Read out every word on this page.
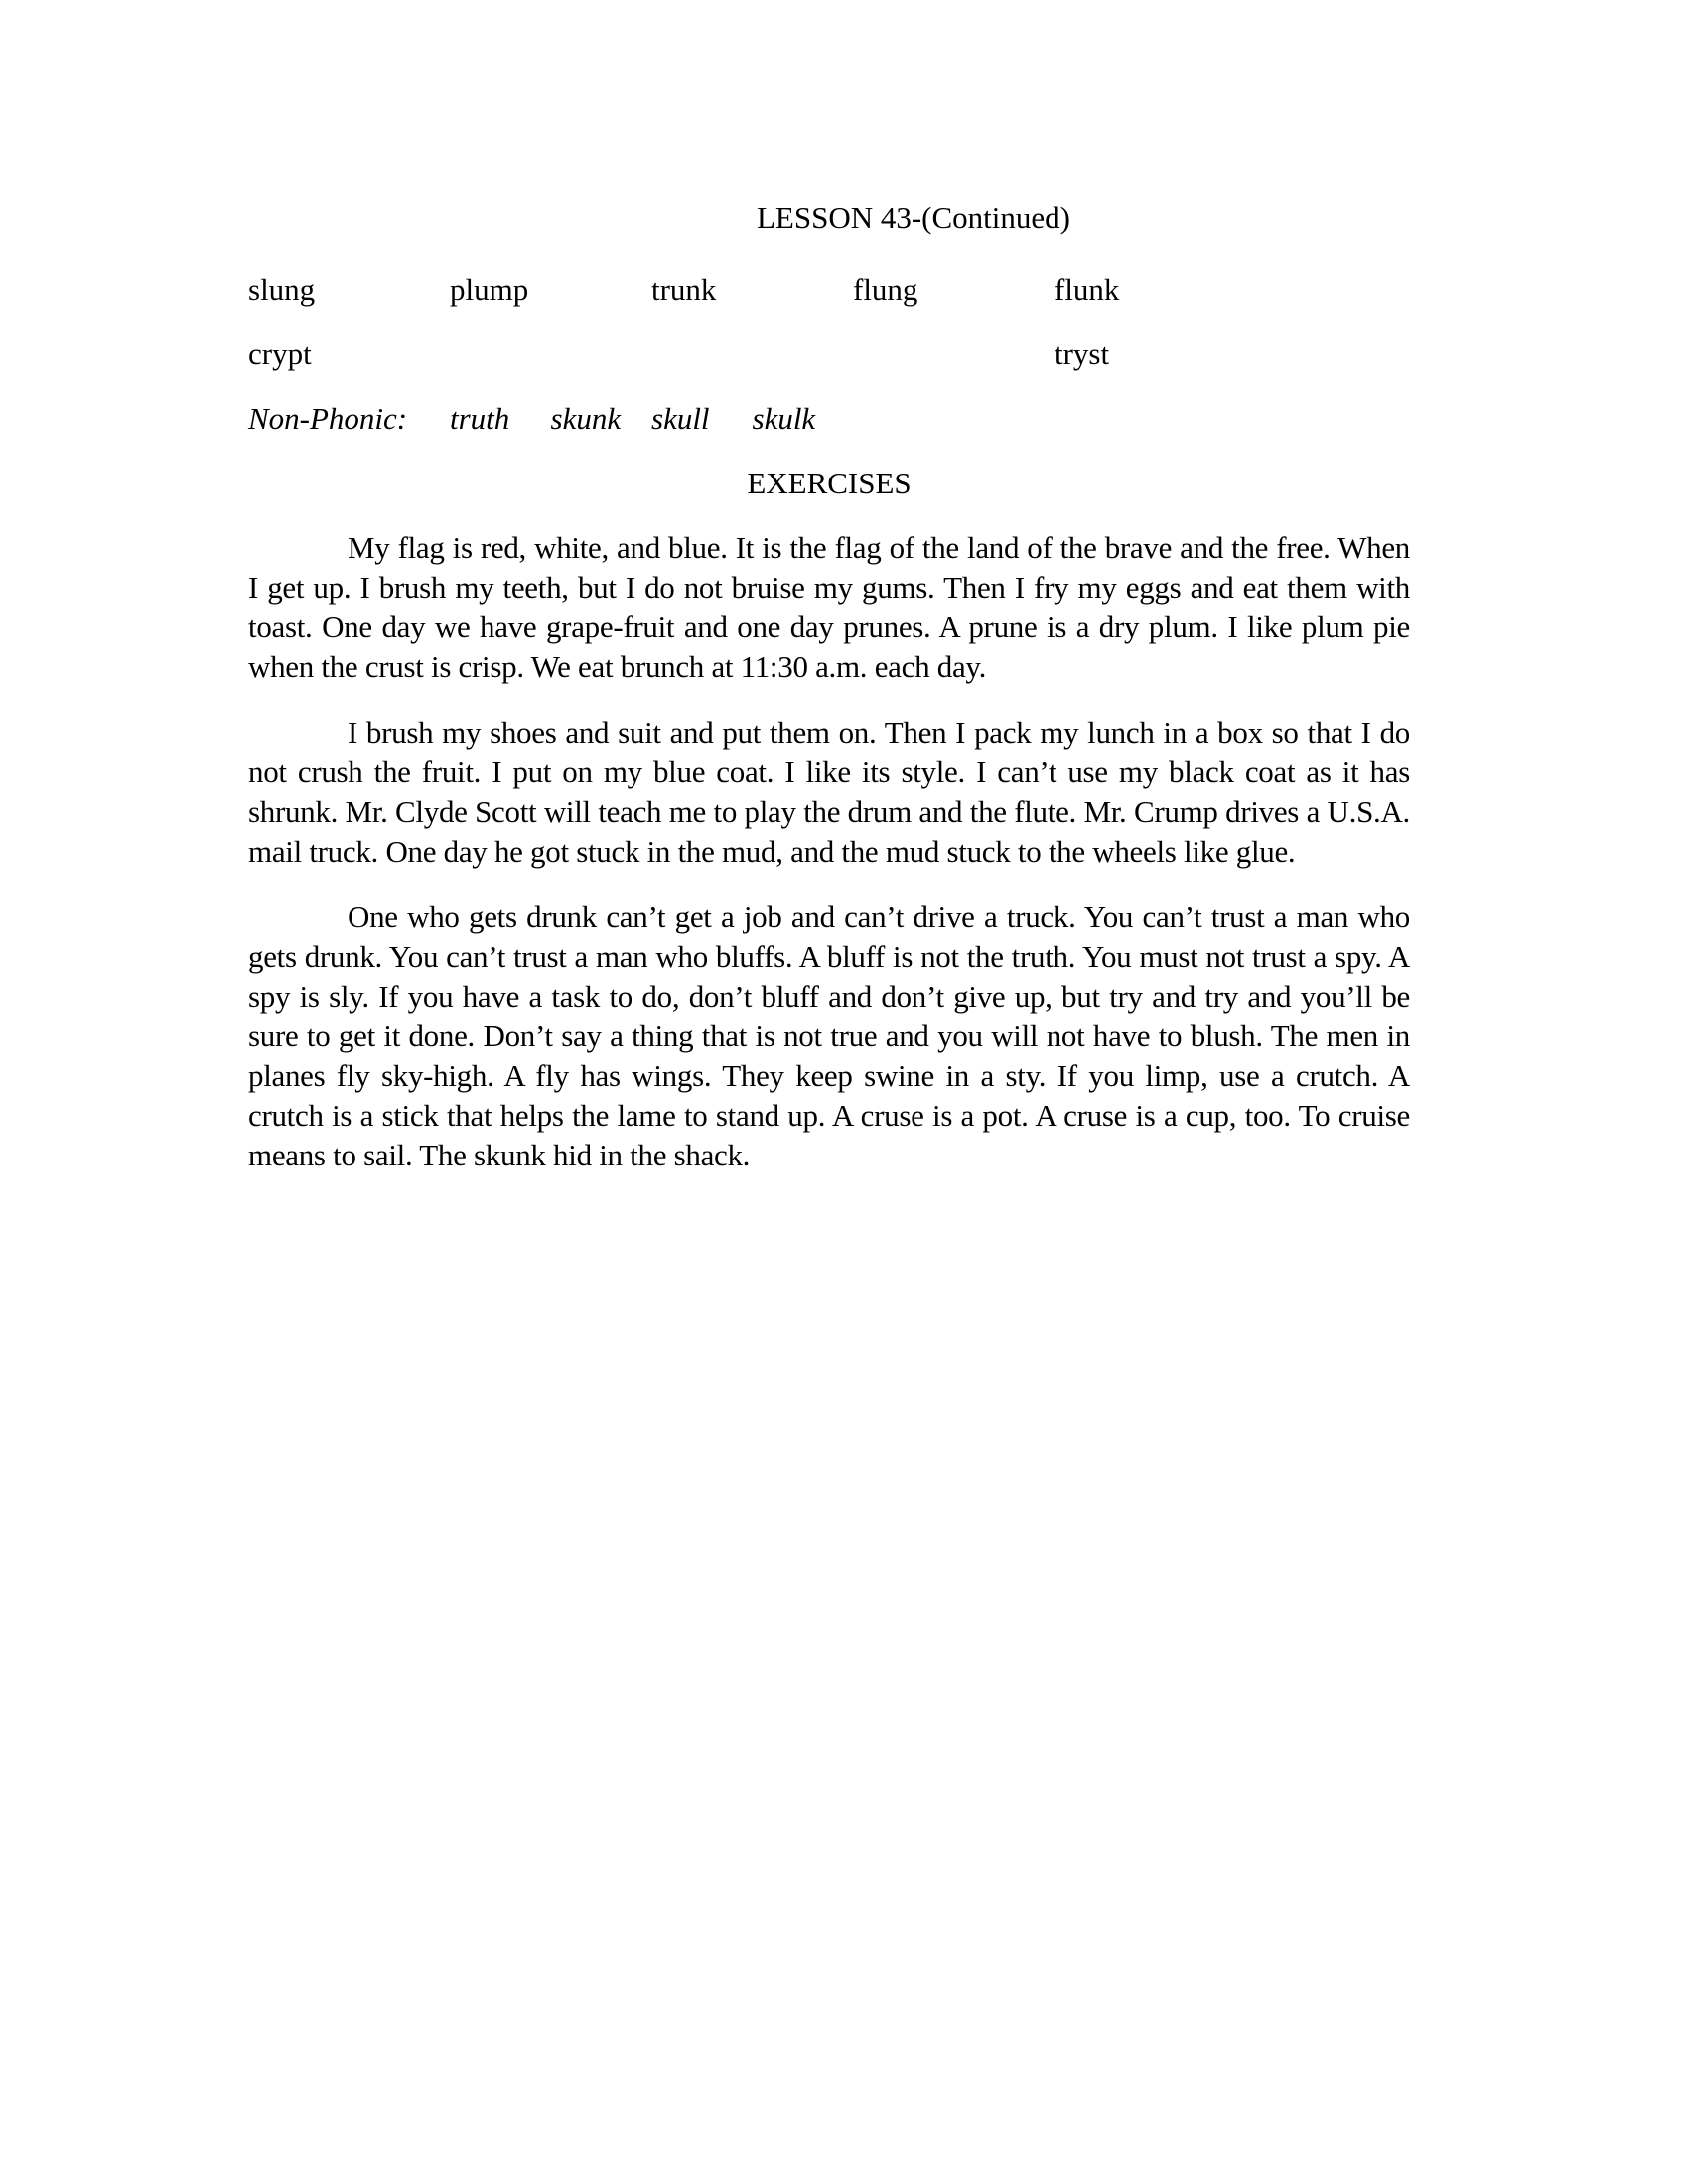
LESSON 43-(Continued)
slung	plump	trunk	flung	flunk
crypt	tryst
Non-Phonic: truth skunk skull skulk
EXERCISES

My flag is red, white, and blue. It is the flag of the land of the brave and the free. When I get up. I brush my teeth, but I do not bruise my gums. Then I fry my eggs and eat them with toast. One day we have grape-fruit and one day prunes. A prune is a dry plum. I like plum pie when the crust is crisp. We eat brunch at 11:30 a.m. each day.

I brush my shoes and suit and put them on. Then I pack my lunch in a box so that I do not crush the fruit. I put on my blue coat. I like its style. I can’t use my black coat as it has shrunk. Mr. Clyde Scott will teach me to play the drum and the flute. Mr. Crump drives a U.S.A. mail truck. One day he got stuck in the mud, and the mud stuck to the wheels like glue.

One who gets drunk can’t get a job and can’t drive a truck. You can’t trust a man who gets drunk. You can’t trust a man who bluffs. A bluff is not the truth. You must not trust a spy. A spy is sly. If you have a task to do, don’t bluff and don’t give up, but try and try and you’ll be sure to get it done. Don’t say a thing that is not true and you will not have to blush. The men in planes fly sky-high. A fly has wings. They keep swine in a sty. If you limp, use a crutch. A crutch is a stick that helps the lame to stand up. A cruse is a pot. A cruse is a cup, too. To cruise means to sail. The skunk hid in the shack.
